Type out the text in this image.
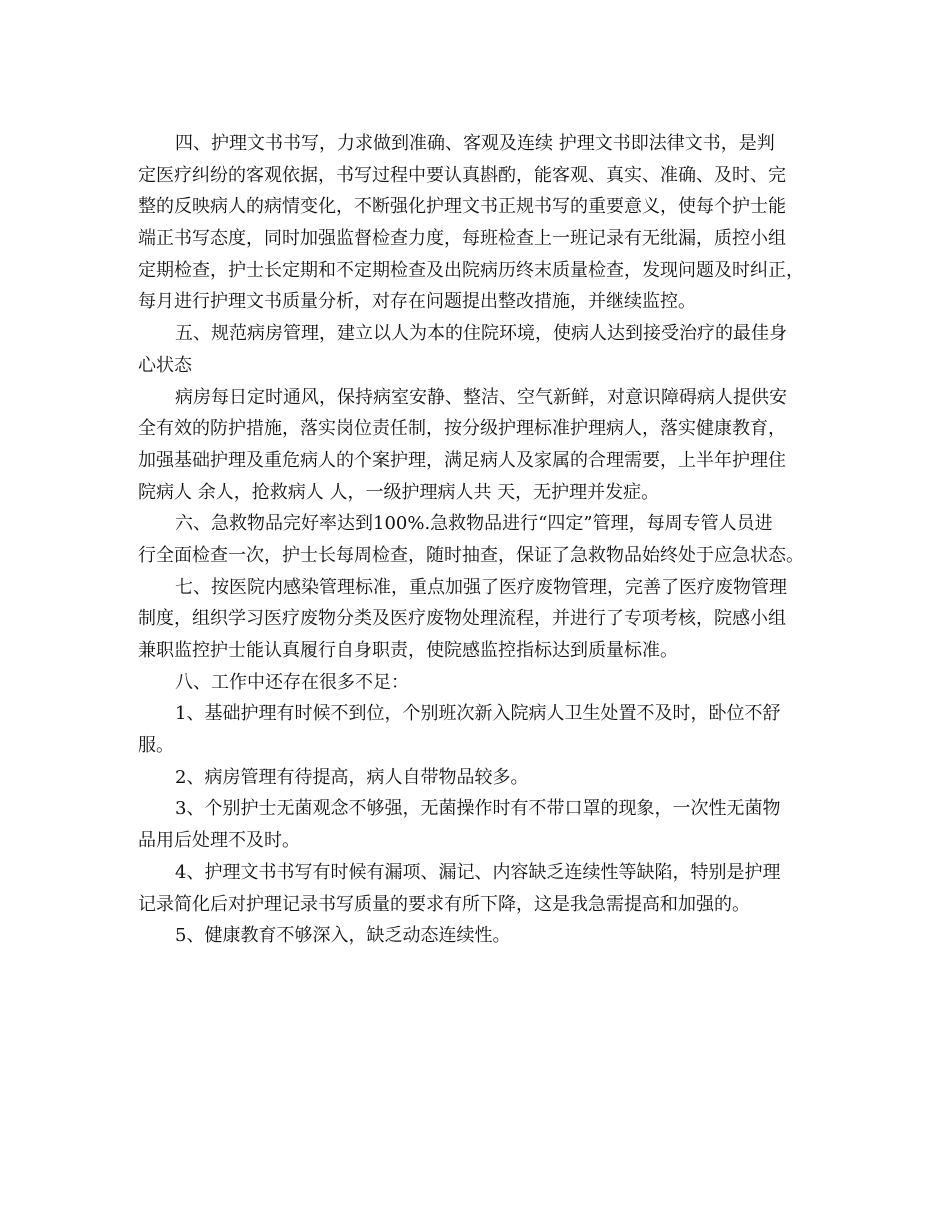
四、护理文书书写，力求做到准确、客观及连续 护理文书即法律文书，是判
定医疗纠纷的客观依据，书写过程中要认真斟酌，能客观、真实、准确、及时、完
整的反映病人的病情变化，不断强化护理文书正规书写的重要意义，使每个护士能
端正书写态度，同时加强监督检查力度，每班检查上一班记录有无纰漏，质控小组
定期检查，护士长定期和不定期检查及出院病历终末质量检查，发现问题及时纠正，
每月进行护理文书质量分析，对存在问题提出整改措施，并继续监控。
五、规范病房管理，建立以人为本的住院环境，使病人达到接受治疗的最佳身
心状态
病房每日定时通风，保持病室安静、整洁、空气新鲜，对意识障碍病人提供安
全有效的防护措施，落实岗位责任制，按分级护理标准护理病人，落实健康教育，
加强基础护理及重危病人的个案护理，满足病人及家属的合理需要，上半年护理住
院病人 余人，抢救病人 人，一级护理病人共 天，无护理并发症。
六、急救物品完好率达到100%.急救物品进行“四定”管理，每周专管人员进
行全面检查一次，护士长每周检查，随时抽查，保证了急救物品始终处于应急状态。
七、按医院内感染管理标准，重点加强了医疗废物管理，完善了医疗废物管理
制度，组织学习医疗废物分类及医疗废物处理流程，并进行了专项考核，院感小组
兼职监控护士能认真履行自身职责，使院感监控指标达到质量标准。
八、工作中还存在很多不足：
1、基础护理有时候不到位，个别班次新入院病人卫生处置不及时，卧位不舒
服。
2、病房管理有待提高，病人自带物品较多。
3、个别护士无菌观念不够强，无菌操作时有不带口罩的现象，一次性无菌物
品用后处理不及时。
4、护理文书书写有时候有漏项、漏记、内容缺乏连续性等缺陷，特别是护理
记录简化后对护理记录书写质量的要求有所下降，这是我急需提高和加强的。
5、健康教育不够深入，缺乏动态连续性。
